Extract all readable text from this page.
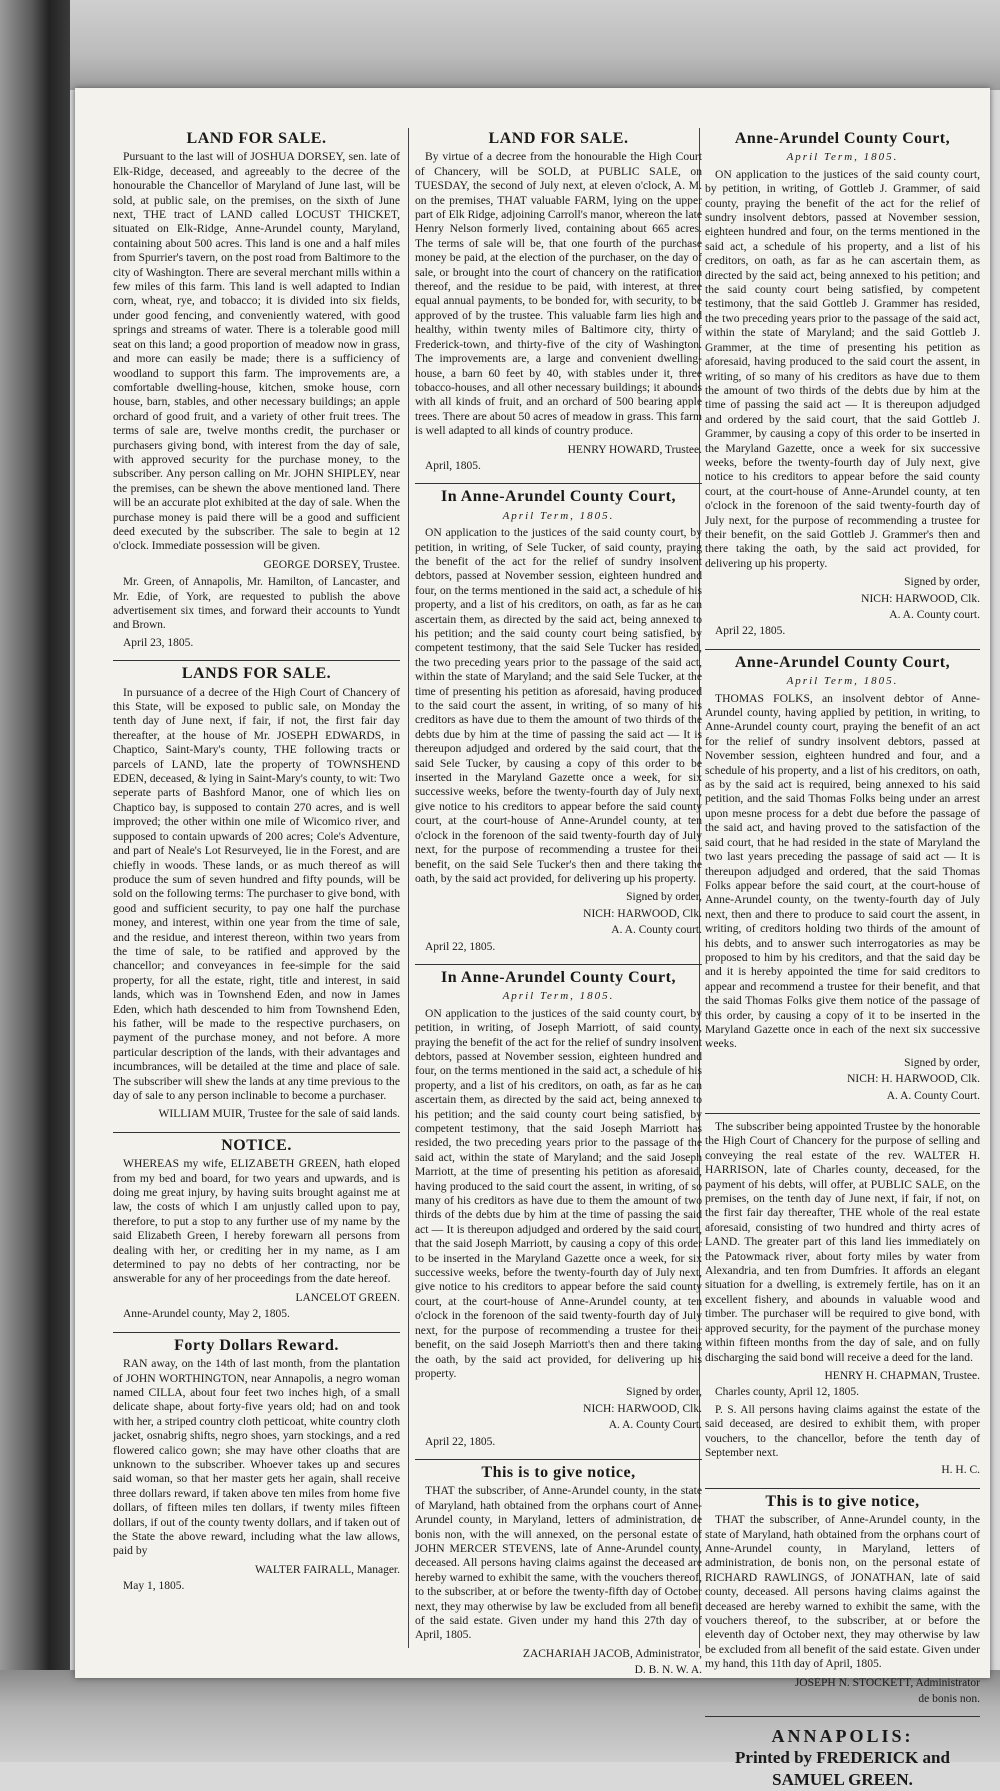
LAND FOR SALE.

Pursuant to the last will of JOSHUA DORSEY, sen. late of Elk-Ridge, deceased, and agreeably to the decree of the honourable the Chancellor of Maryland of June last, will be sold, at public sale, on the premises, on the sixth of June next, THE tract of LAND called LOCUST THICKET, situated on Elk-Ridge, Anne-Arundel county, Maryland, containing about 500 acres. This land is one and a half miles from Spurrier's tavern, on the post road from Baltimore to the city of Washington. There are several merchant mills within a few miles of this farm. This land is well adapted to Indian corn, wheat, rye, and tobacco; it is divided into six fields, under good fencing, and conveniently watered, with good springs and streams of water. There is a tolerable good mill seat on this land; a good proportion of meadow now in grass, and more can easily be made; there is a sufficiency of woodland to support this farm. The improvements are, a comfortable dwelling-house, kitchen, smoke house, corn house, barn, stables, and other necessary buildings; an apple orchard of good fruit, and a variety of other fruit trees. The terms of sale are, twelve months credit, the purchaser or purchasers giving bond, with interest from the day of sale, with approved security for the purchase money, to the subscriber. Any person calling on Mr. JOHN SHIPLEY, near the premises, can be shewn the above mentioned land. There will be an accurate plot exhibited at the day of sale. When the purchase money is paid there will be a good and sufficient deed executed by the subscriber. The sale to begin at 12 o'clock. Immediate possession will be given.

GEORGE DORSEY, Trustee.

Mr. Green, of Annapolis, Mr. Hamilton, of Lancaster, and Mr. Edie, of York, are requested to publish the above advertisement six times, and forward their accounts to Yundt and Brown.

April 23, 1805.
LANDS FOR SALE.

In pursuance of a decree of the High Court of Chancery of this State, will be exposed to public sale, on Monday the tenth day of June next, if fair, if not, the first fair day thereafter, at the house of Mr. JOSEPH EDWARDS, in Chaptico, Saint-Mary's county, THE following tracts or parcels of LAND, late the property of TOWNSHEND EDEN, deceased, & lying in Saint-Mary's county, to wit: Two seperate parts of Bashford Manor, one of which lies on Chaptico bay, is supposed to contain 270 acres, and is well improved; the other within one mile of Wicomico river, and supposed to contain upwards of 200 acres; Cole's Adventure, and part of Neale's Lot Resurveyed, lie in the Forest, and are chiefly in woods. These lands, or as much thereof as will produce the sum of seven hundred and fifty pounds, will be sold on the following terms: The purchaser to give bond, with good and sufficient security, to pay one half the purchase money, and interest, within one year from the time of sale, and the residue, and interest thereon, within two years from the time of sale, to be ratified and approved by the chancellor; and conveyances in fee-simple for the said property, for all the estate, right, title and interest, in said lands, which was in Townshend Eden, and now in James Eden, which hath descended to him from Townshend Eden, his father, will be made to the respective purchasers, on payment of the purchase money, and not before. A more particular description of the lands, with their advantages and incumbrances, will be detailed at the time and place of sale. The subscriber will shew the lands at any time previous to the day of sale to any person inclinable to become a purchaser.

WILLIAM MUIR, Trustee for the sale of said lands.
NOTICE.

WHEREAS my wife, ELIZABETH GREEN, hath eloped from my bed and board, for two years and upwards, and is doing me great injury, by having suits brought against me at law, the costs of which I am unjustly called upon to pay, therefore, to put a stop to any further use of my name by the said Elizabeth Green, I hereby forewarn all persons from dealing with her, or crediting her in my name, as I am determined to pay no debts of her contracting, nor be answerable for any of her proceedings from the date hereof.

LANCELOT GREEN.
Anne-Arundel county, May 2, 1805.
Forty Dollars Reward.

RAN away, on the 14th of last month, from the plantation of JOHN WORTHINGTON, near Annapolis, a negro woman named CILLA, about four feet two inches high, of a small delicate shape, about forty-five years old; had on and took with her, a striped country cloth petticoat, white country cloth jacket, osnabrig shifts, negro shoes, yarn stockings, and a red flowered calico gown; she may have other cloaths that are unknown to the subscriber. Whoever takes up and secures said woman, so that her master gets her again, shall receive three dollars reward, if taken above ten miles from home five dollars, of fifteen miles ten dollars, if twenty miles fifteen dollars, if out of the county twenty dollars, and if taken out of the State the above reward, including what the law allows, paid by

WALTER FAIRALL, Manager.
May 1, 1805.
LAND FOR SALE.

By virtue of a decree from the honourable the High Court of Chancery, will be SOLD, at PUBLIC SALE, on TUESDAY, the second of July next, at eleven o'clock, A. M. on the premises, THAT valuable FARM, lying on the upper part of Elk Ridge, adjoining Carroll's manor, whereon the late Henry Nelson formerly lived, containing about 665 acres. The terms of sale will be, that one fourth of the purchase money be paid, at the election of the purchaser, on the day of sale, or brought into the court of chancery on the ratification thereof, and the residue to be paid, with interest, at three equal annual payments, to be bonded for, with security, to be approved of by the trustee. This valuable farm lies high and healthy, within twenty miles of Baltimore city, thirty of Frederick-town, and thirty-five of the city of Washington. The improvements are, a large and convenient dwelling-house, a barn 60 feet by 40, with stables under it, three tobacco-houses, and all other necessary buildings; it abounds with all kinds of fruit, and an orchard of 500 bearing apple trees. There are about 50 acres of meadow in grass. This farm is well adapted to all kinds of country produce.

HENRY HOWARD, Trustee.
April, 1805.
In Anne-Arundel County Court,
April Term, 1805.

ON application to the justices of the said county court, by petition, in writing, of Sele Tucker, of said county, praying the benefit of the act for the relief of sundry insolvent debtors, passed at November session, eighteen hundred and four, on the terms mentioned in the said act, a schedule of his property, and a list of his creditors, on oath, as far as he can ascertain them, as directed by the said act, being annexed to his petition; and the said county court being satisfied, by competent testimony, that the said Sele Tucker has resided, the two preceding years prior to the passage of the said act, within the state of Maryland; and the said Sele Tucker, at the time of presenting his petition as aforesaid, having produced to the said court the assent, in writing, of so many of his creditors as have due to them the amount of two thirds of the debts due by him at the time of passing the said act — It is thereupon adjudged and ordered by the said court, that the said Sele Tucker, by causing a copy of this order to be inserted in the Maryland Gazette once a week, for six successive weeks, before the twenty-fourth day of July next, give notice to his creditors to appear before the said county court, at the court-house of Anne-Arundel county, at ten o'clock in the forenoon of the said twenty-fourth day of July next, for the purpose of recommending a trustee for their benefit, on the said Sele Tucker's then and there taking the oath, by the said act provided, for delivering up his property.

Signed by order,
NICH: HARWOOD, Clk.
A. A. County court.
April 22, 1805.
In Anne-Arundel County Court,
April Term, 1805.

ON application to the justices of the said county court, by petition, in writing, of Joseph Marriott, of said county, praying the benefit of the act for the relief of sundry insolvent debtors, passed at November session, eighteen hundred and four, on the terms mentioned in the said act, a schedule of his property, and a list of his creditors, on oath, as far as he can ascertain them, as directed by the said act, being annexed to his petition; and the said county court being satisfied, by competent testimony, that the said Joseph Marriott has resided, the two preceding years prior to the passage of the said act, within the state of Maryland; and the said Joseph Marriott, at the time of presenting his petition as aforesaid, having produced to the said court the assent, in writing, of so many of his creditors as have due to them the amount of two thirds of the debts due by him at the time of passing the said act — It is thereupon adjudged and ordered by the said court, that the said Joseph Marriott, by causing a copy of this order to be inserted in the Maryland Gazette once a week, for six successive weeks, before the twenty-fourth day of July next, give notice to his creditors to appear before the said county court, at the court-house of Anne-Arundel county, at ten o'clock in the forenoon of the said twenty-fourth day of July next, for the purpose of recommending a trustee for their benefit, on the said Joseph Marriott's then and there taking the oath, by the said act provided, for delivering up his property.

Signed by order,
NICH: HARWOOD, Clk.
A. A. County Court.
April 22, 1805.
This is to give notice,

THAT the subscriber, of Anne-Arundel county, in the state of Maryland, hath obtained from the orphans court of Anne-Arundel county, in Maryland, letters of administration, de bonis non, with the will annexed, on the personal estate of JOHN MERCER STEVENS, late of Anne-Arundel county, deceased. All persons having claims against the deceased are hereby warned to exhibit the same, with the vouchers thereof, to the subscriber, at or before the twenty-fifth day of October next, they may otherwise by law be excluded from all benefit of the said estate. Given under my hand this 27th day of April, 1805.

ZACHARIAH JACOB, Administrator,
D. B. N. W. A.
Anne-Arundel County Court,
April Term, 1805.

ON application to the justices of the said county court, by petition, in writing, of Gottleb J. Grammer, of said county, praying the benefit of the act for the relief of sundry insolvent debtors, passed at November session, eighteen hundred and four, on the terms mentioned in the said act, a schedule of his property, and a list of his creditors, on oath, as far as he can ascertain them, as directed by the said act, being annexed to his petition; and the said county court being satisfied, by competent testimony, that the said Gottleb J. Grammer has resided, the two preceding years prior to the passage of the said act, within the state of Maryland; and the said Gottleb J. Grammer, at the time of presenting his petition as aforesaid, having produced to the said court the assent, in writing, of so many of his creditors as have due to them the amount of two thirds of the debts due by him at the time of passing the said act — It is thereupon adjudged and ordered by the said court, that the said Gottleb J. Grammer, by causing a copy of this order to be inserted in the Maryland Gazette, once a week for six successive weeks, before the twenty-fourth day of July next, give notice to his creditors to appear before the said county court, at the court-house of Anne-Arundel county, at ten o'clock in the forenoon of the said twenty-fourth day of July next, for the purpose of recommending a trustee for their benefit, on the said Gottleb J. Grammer's then and there taking the oath, by the said act provided, for delivering up his property.

Signed by order,
NICH: HARWOOD, Clk.
A. A. County court.
April 22, 1805.
Anne-Arundel County Court,
April Term, 1805.

THOMAS FOLKS, an insolvent debtor of Anne-Arundel county, having applied by petition, in writing, to Anne-Arundel county court, praying the benefit of an act for the relief of sundry insolvent debtors, passed at November session, eighteen hundred and four, and a schedule of his property, and a list of his creditors, on oath, as by the said act is required, being annexed to his said petition, and the said Thomas Folks being under an arrest upon mesne process for a debt due before the passage of the said act, and having proved to the satisfaction of the said court, that he had resided in the state of Maryland the two last years preceding the passage of said act — It is thereupon adjudged and ordered, that the said Thomas Folks appear before the said court, at the court-house of Anne-Arundel county, on the twenty-fourth day of July next, then and there to produce to said court the assent, in writing, of creditors holding two thirds of the amount of his debts, and to answer such interrogatories as may be proposed to him by his creditors, and that the said day be and it is hereby appointed the time for said creditors to appear and recommend a trustee for their benefit, and that the said Thomas Folks give them notice of the passage of this order, by causing a copy of it to be inserted in the Maryland Gazette once in each of the next six successive weeks.

Signed by order,
NICH: H. HARWOOD, Clk.
A. A. County Court.

The subscriber being appointed Trustee by the honorable the High Court of Chancery for the purpose of selling and conveying the real estate of the rev. WALTER H. HARRISON, late of Charles county, deceased, for the payment of his debts, will offer, at PUBLIC SALE, on the premises, on the tenth day of June next, if fair, if not, on the first fair day thereafter, THE whole of the real estate aforesaid, consisting of two hundred and thirty acres of LAND. The greater part of this land lies immediately on the Patowmack river, about forty miles by water from Alexandria, and ten from Dumfries. It affords an elegant situation for a dwelling, is extremely fertile, has on it an excellent fishery, and abounds in valuable wood and timber. The purchaser will be required to give bond, with approved security, for the payment of the purchase money within fifteen months from the day of sale, and on fully discharging the said bond will receive a deed for the land.

HENRY H. CHAPMAN, Trustee.
Charles county, April 12, 1805.

P. S. All persons having claims against the estate of the said deceased, are desired to exhibit them, with proper vouchers, to the chancellor, before the tenth day of September next.

H. H. C.
This is to give notice,

THAT the subscriber, of Anne-Arundel county, in the state of Maryland, hath obtained from the orphans court of Anne-Arundel county, in Maryland, letters of administration, de bonis non, on the personal estate of RICHARD RAWLINGS, of JONATHAN, late of said county, deceased. All persons having claims against the deceased are hereby warned to exhibit the same, with the vouchers thereof, to the subscriber, at or before the eleventh day of October next, they may otherwise by law be excluded from all benefit of the said estate. Given under my hand, this 11th day of April, 1805.

JOSEPH N. STOCKETT, Administrator
de bonis non.
ANNAPOLIS:
Printed by FREDERICK and SAMUEL GREEN.
